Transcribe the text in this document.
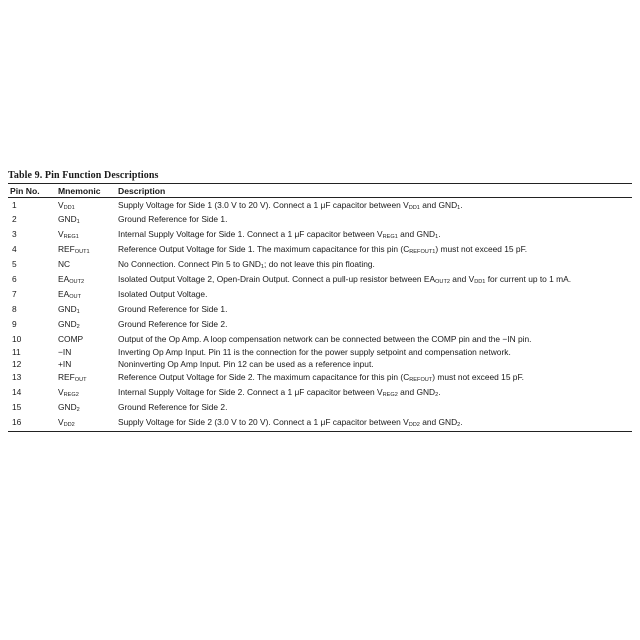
Table 9. Pin Function Descriptions
Pin No.	Mnemonic	Description
1	$V_{DD1}$	Supply Voltage for Side 1 (3.0 V to 20 V). Connect a 1 μF capacitor between $V_{DD1}$ and $GND_1$.
2	$GND_1$	Ground Reference for Side 1.
3	$V_{REG1}$	Internal Supply Voltage for Side 1. Connect a 1 μF capacitor between $V_{REG1}$ and $GND_1$.
4	$REF_{OUT1}$	Reference Output Voltage for Side 1. The maximum capacitance for this pin $(C_{REFOUT1})$ must not exceed 15 pF.
5	NC	No Connection. Connect Pin 5 to $GND_1$; do not leave this pin floating.
6	$EA_{OUT2}$	Isolated Output Voltage 2, Open-Drain Output. Connect a pull-up resistor between $EA_{OUT2}$ and $V_{DD1}$ for current up to 1 mA.
7	$EA_{OUT}$	Isolated Output Voltage.
8	$GND_1$	Ground Reference for Side 1.
9	$GND_2$	Ground Reference for Side 2.
10	COMP	Output of the Op Amp. A loop compensation network can be connected between the COMP pin and the −IN pin.
11	−IN	Inverting Op Amp Input. Pin 11 is the connection for the power supply setpoint and compensation network.
12	+IN	Noninverting Op Amp Input. Pin 12 can be used as a reference input.
13	$REF_{OUT}$	Reference Output Voltage for Side 2. The maximum capacitance for this pin $(C_{REFOUT})$ must not exceed 15 pF.
14	$V_{REG2}$	Internal Supply Voltage for Side 2. Connect a 1 μF capacitor between $V_{REG2}$ and $GND_2$.
15	$GND_2$	Ground Reference for Side 2.
16	$V_{DD2}$	Supply Voltage for Side 2 (3.0 V to 20 V). Connect a 1 μF capacitor between $V_{DD2}$ and $GND_2$.
